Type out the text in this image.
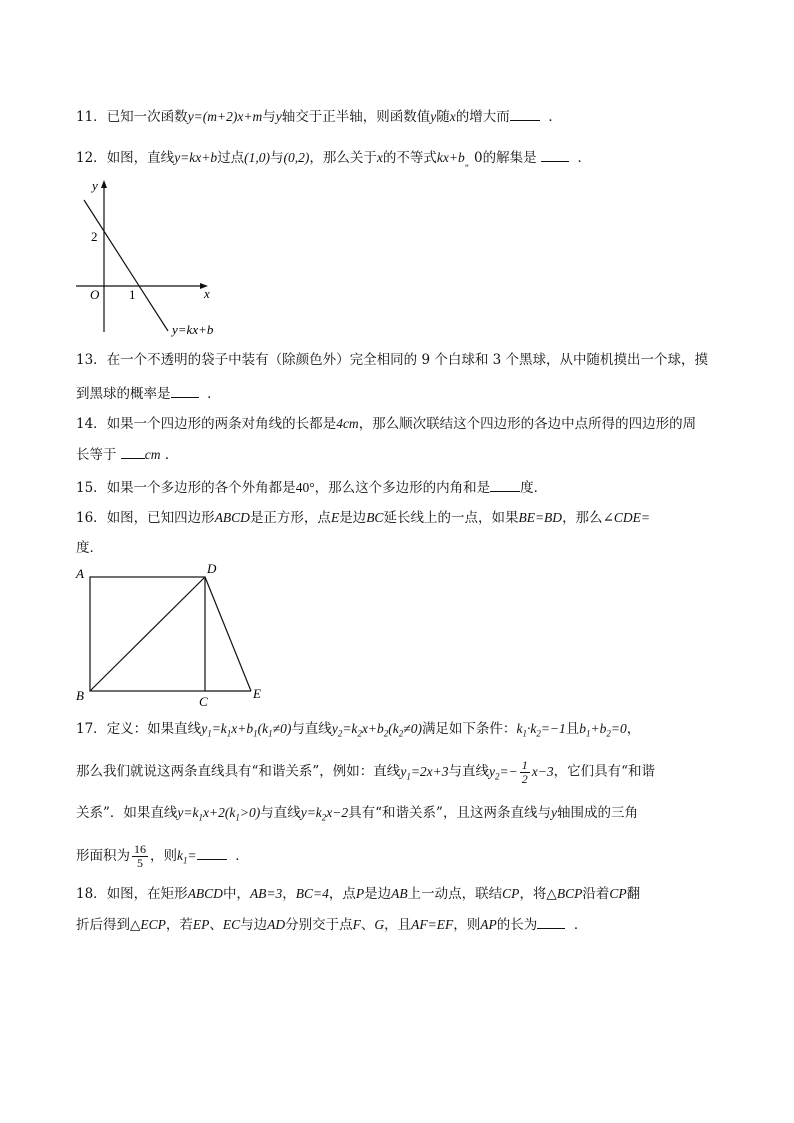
11．已知一次函数y=(m+2)x+m与y轴交于正半轴，则函数值y随x的增大而	．
12．如图，直线y=kx+b过点(1,0)与(0,2)，那么关于x的不等式$kx+b_„$ 0的解集是	．
y
x
O 1
2
y=kx+b
13．在一个不透明的袋子中装有（除颜色外）完全相同的 9 个白球和 3 个黑球，从中随机摸出一个球，摸
到黑球的概率是	．
14．如果一个四边形的两条对角线的长都是4cm，那么顺次联结这个四边形的各边中点所得的四边形的周
长等于 cm ．
15．如果一个多边形的各个外角都是40°，那么这个多边形的内角和是 度．
16．如图，已知四边形ABCD是正方形，点E是边BC延长线上的一点，如果BE=BD，那么∠CDE=
度．
A	D
B	C
E
17．定义：如果直线$y_1=k_1x+b_1(k_1\ne 0)$与直线$y_2=k_2x+b_2(k_2\ne 0)$满足如下条件：$k_1\cdot k_2=-1$且$b_1+b_2=0$，
那么我们就说这两条直线具有“和谐关系”，例如：直线$y_1=2x+3$与直线$y_2=- \frac{1}{2} x-3$，它们具有“和谐
关系”．如果直线$y=k_1x+2(k_1>0)$与直线$y=k_2x-2$具有“和谐关系”，且这两条直线与y轴围成的三角
形面积为 $\frac{16}{5}$ ，则$k_1=$	．
18．如图，在矩形ABCD中，AB=3，BC=4，点P是边AB上一动点，联结CP，将△BCP沿着CP翻
折后得到△ECP，若EP、EC与边AD分别交于点F、G，且AF=EF，则AP的长为	．
